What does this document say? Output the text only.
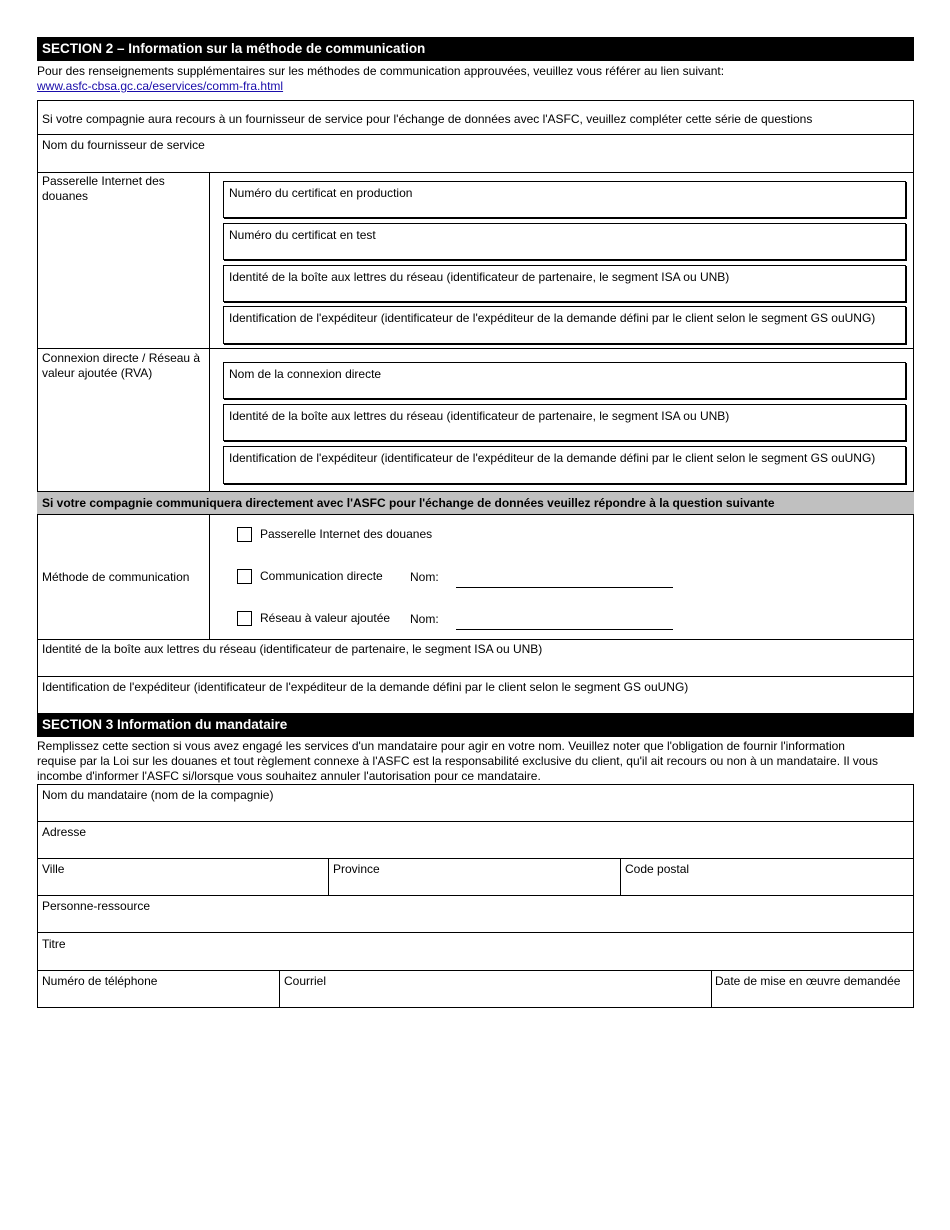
SECTION 2 – Information sur la méthode de communication
Pour des renseignements supplémentaires sur les méthodes de communication approuvées, veuillez vous référer au lien suivant:
www.asfc-cbsa.gc.ca/eservices/comm-fra.html
Si votre compagnie aura recours à un fournisseur de service pour l'échange de données avec l'ASFC, veuillez compléter cette série de questions
Nom du fournisseur de service
Passerelle Internet des douanes	Numéro du certificat en production
Numéro du certificat en test
Identité de la boîte aux lettres du réseau (identificateur de partenaire, le segment ISA ou UNB)
Identification de l'expéditeur (identificateur de l'expéditeur de la demande défini par le client selon le segment GS ouUNG)
Connexion directe / Réseau à valeur ajoutée (RVA)	Nom de la connexion directe
Identité de la boîte aux lettres du réseau (identificateur de partenaire, le segment ISA ou UNB)
Identification de l'expéditeur (identificateur de l'expéditeur de la demande défini par le client selon le segment GS ouUNG)
Si votre compagnie communiquera directement avec l'ASFC pour l'échange de données veuillez répondre à la question suivante
Méthode de communication
Passerelle Internet des douanes
Communication directe Nom:
Réseau à valeur ajoutée Nom:
Identité de la boîte aux lettres du réseau (identificateur de partenaire, le segment ISA ou UNB)
Identification de l'expéditeur (identificateur de l'expéditeur de la demande défini par le client selon le segment GS ouUNG)
SECTION 3 Information du mandataire
Remplissez cette section si vous avez engagé les services d'un mandataire pour agir en votre nom. Veuillez noter que l'obligation de fournir l'information
requise par la Loi sur les douanes et tout règlement connexe à l'ASFC est la responsabilité exclusive du client, qu'il ait recours ou non à un mandataire. Il vous
incombe d'informer l'ASFC si/lorsque vous souhaitez annuler l'autorisation pour ce mandataire.
Nom du mandataire (nom de la compagnie)
Adresse
Ville	Province	Code postal
Personne-ressource
Titre
Numéro de téléphone	Courriel	Date de mise en œuvre demandée
